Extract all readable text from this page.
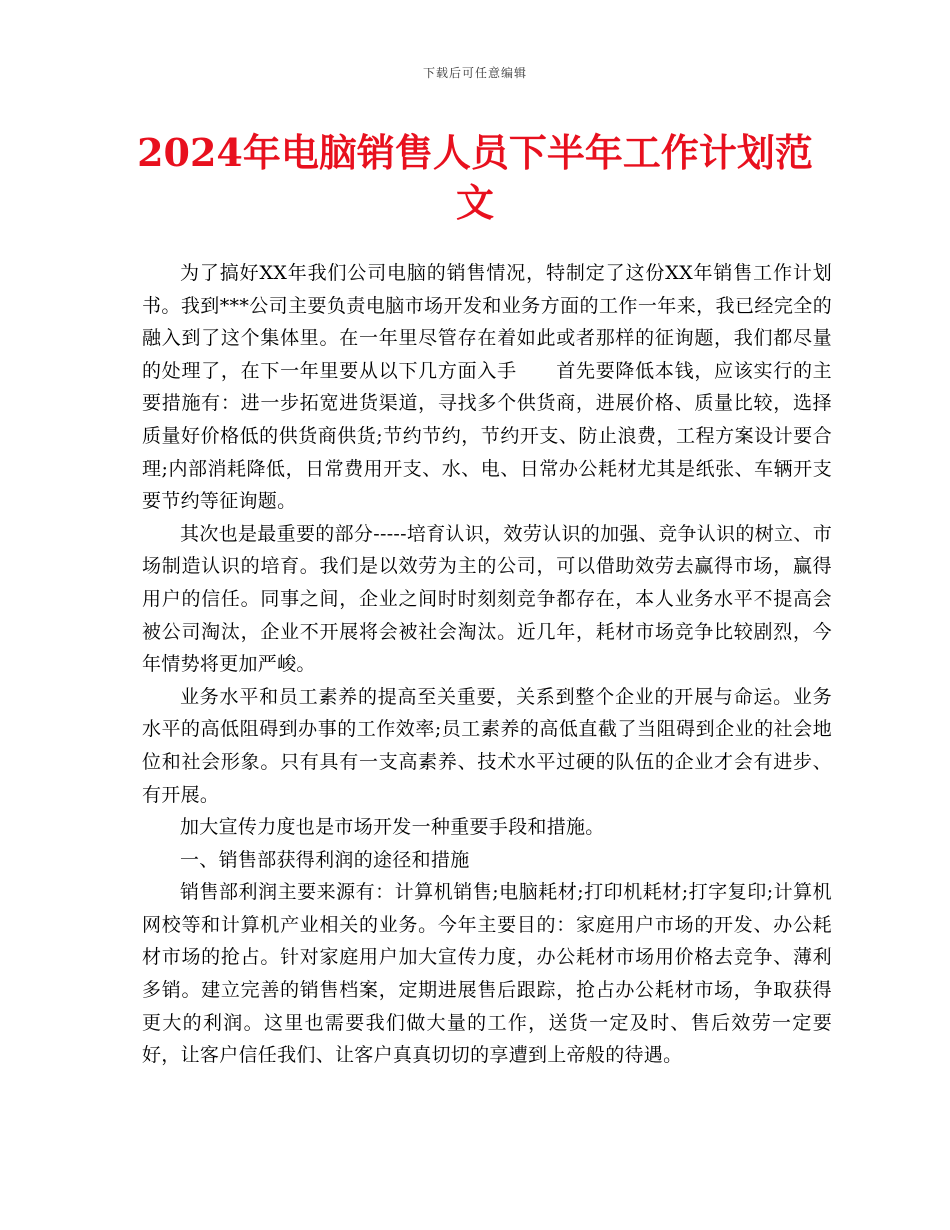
下载后可任意编辑
2024年电脑销售人员下半年工作计划范文

为了搞好XX年我们公司电脑的销售情况，特制定了这份XX年销售工作计划书。我到***公司主要负责电脑市场开发和业务方面的工作一年来，我已经完全的融入到了这个集体里。在一年里尽管存在着如此或者那样的征询题，我们都尽量的处理了，在下一年里要从以下几方面入手　　首先要降低本钱，应该实行的主要措施有：进一步拓宽进货渠道，寻找多个供货商，进展价格、质量比较，选择质量好价格低的供货商供货;节约节约，节约开支、防止浪费，工程方案设计要合理;内部消耗降低，日常费用开支、水、电、日常办公耗材尤其是纸张、车辆开支要节约等征询题。

其次也是最重要的部分-----培育认识，效劳认识的加强、竞争认识的树立、市场制造认识的培育。我们是以效劳为主的公司，可以借助效劳去赢得市场，赢得用户的信任。同事之间，企业之间时时刻刻竞争都存在，本人业务水平不提高会被公司淘汰，企业不开展将会被社会淘汰。近几年，耗材市场竞争比较剧烈，今年情势将更加严峻。

业务水平和员工素养的提高至关重要，关系到整个企业的开展与命运。业务水平的高低阻碍到办事的工作效率;员工素养的高低直截了当阻碍到企业的社会地位和社会形象。只有具有一支高素养、技术水平过硬的队伍的企业才会有进步、有开展。

加大宣传力度也是市场开发一种重要手段和措施。

一、销售部获得利润的途径和措施

销售部利润主要来源有：计算机销售;电脑耗材;打印机耗材;打字复印;计算机网校等和计算机产业相关的业务。今年主要目的：家庭用户市场的开发、办公耗材市场的抢占。针对家庭用户加大宣传力度，办公耗材市场用价格去竞争、薄利多销。建立完善的销售档案，定期进展售后跟踪，抢占办公耗材市场，争取获得更大的利润。这里也需要我们做大量的工作，送货一定及时、售后效劳一定要好，让客户信任我们、让客户真真切切的享遭到上帝般的待遇。
